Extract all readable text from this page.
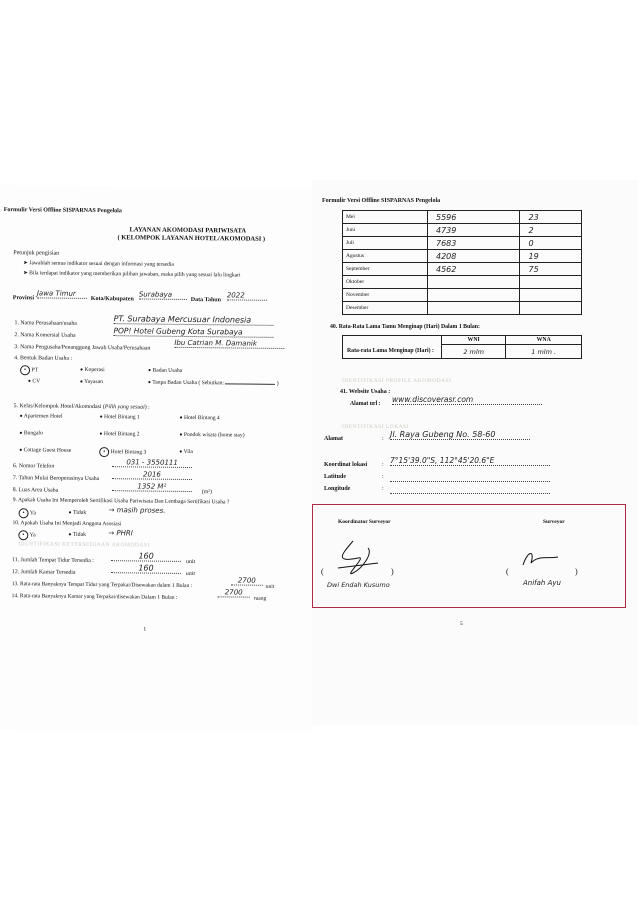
Formulir Versi Offline SISPARNAS Pengelola
LAYANAN AKOMODASI PARIWISATA
( KELOMPOK LAYANAN HOTEL/AKOMODASI )
Petunjuk pengisian
➤ Jawablah semua indikator sesuai dengan informasi yang tersedia
➤ Bila terdapat indikator yang memberikan pilihan jawaban, maka pilih yang sesuai lalu lingkari
Provinsi
Jawa Timur
Kota/Kabupaten
Surabaya
Data Tahun
2022
1. Nama Perusahaan/usaha	PT. Surabaya Mercusuar Indonesia
2. Nama Komersial Usaha	POP! Hotel Gubeng Kota Surabaya
3. Nama Pengusaha/Penanggung Jawab Usaha/Perusahaan
Ibu Catrian M. Damanik
4. Bentuk Badan Usaha :
• PT	● Koperasi	● Badan Usaha
● CV	● Yayasan	● Tanpa Badan Usaha ( Sebutkan:	)
5. Kelas/Kelompok Hotel/Akomodasi (Pilih yang sesuai) :
● Apartemen Hotel	● Hotel Bintang 1	● Hotel Bintang 4
● Bungalo	● Hotel Bintang 2	● Pondok wisata (home stay)
● Cottage Guest House	• Hotel Bintang 3	● Vila
6. Nomor Telefon	031 - 3550111
7. Tahun Mulai Beroperasinya Usaha	2016
8. Luas Area Usaha	1352 M²
(m²)
9. Apakah Usaha Ini Memperoleh Sertifikasi Usaha Pariwisata Dan Lembaga Sertifikasi Usaha ?
• Ya	● Tidak	→ masih proses.
10. Apakah Usaha Ini Menjadi Anggota Asosiasi
• Ya	● Tidak	→ PHRI
IDENTIFIKASI KETERSEDIAAN AKOMODASI
11. Jumlah Tempat Tidur Tersedia :	160
unit
12. Jumlah Kamar Tersedia	160
unit
13. Rata-rata Banyaknya Tempat Tidur yang Terpakai/Disewakan dalam 1 Bulan :
2700
unit
14. Rata-rata Banyaknya Kamar yang Terpakai/disewakan Dalam 1 Bulan :
2700
ruang
1
Formulir Versi Offline SISPARNAS Pengelola
Mei	5596	23
Juni	4739	2
Juli	7683	0
Agustus	4208	19
September	4562	75
Oktober		
November		
Desember		
40. Rata-Rata Lama Tamu Menginap (Hari) Dalam 1 Bulan:
	WNI	WNA
Rata-rata Lama Menginap (Hari) :	2 mlm	1 mlm .
IDENTIFIKASI PROFILE AKOMODASI
41. Website Usaha :
Alamat url : www.discoverasr.com
IDENTIFIKASI LOKASI
Alamat	: Jl. Raya Gubeng No. 58-60
Koordinat lokasi : 7°15'39.0"S, 112°45'20.6"E
Latitude	:
Longitude	:
Koordinator Surveyor	Surveyor
(	)
Dwi Endah Kusumo
(	)
Anifah Ayu
5
